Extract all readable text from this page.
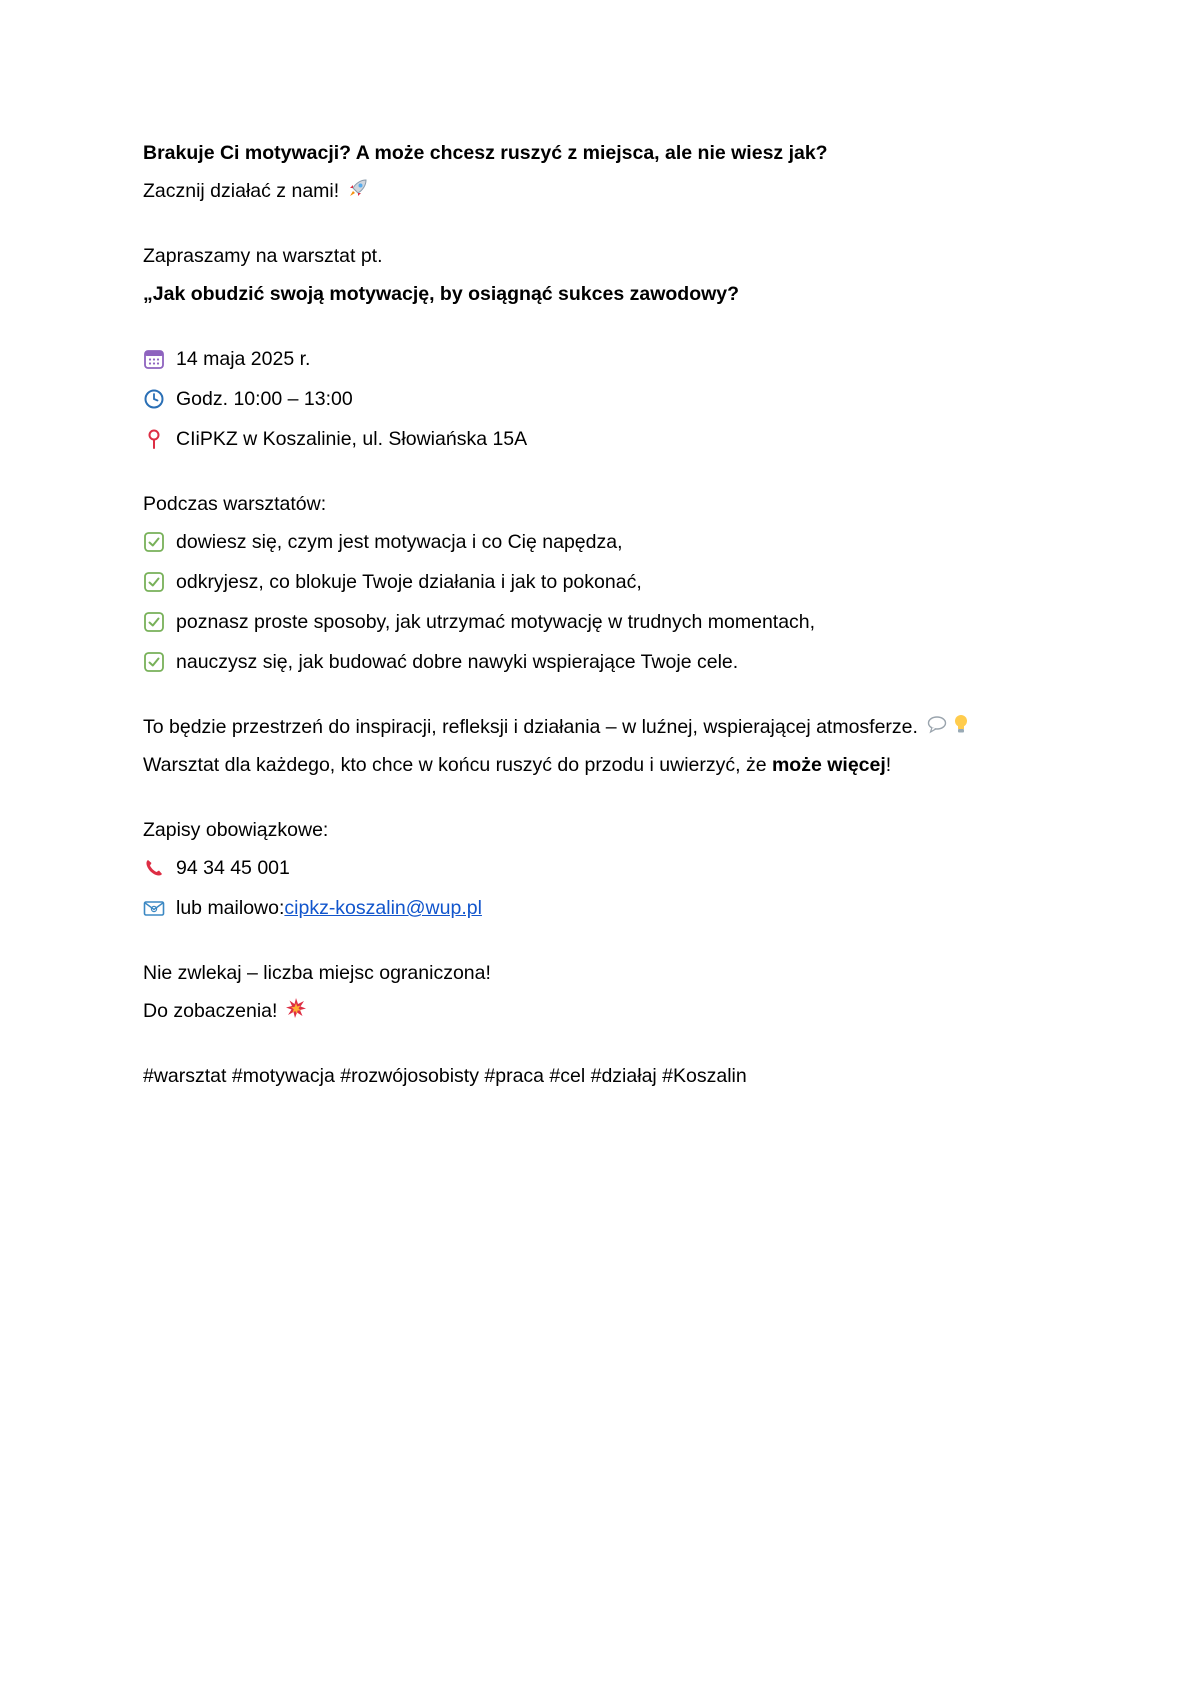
Brakuje Ci motywacji? A może chcesz ruszyć z miejsca, ale nie wiesz jak?
Zacznij działać z nami!
Zapraszamy na warsztat pt.
„Jak obudzić swoją motywację, by osiągnąć sukces zawodowy?
14 maja 2025 r.
Godz. 10:00 – 13:00
CIiPKZ w Koszalinie, ul. Słowiańska 15A
Podczas warsztatów:
dowiesz się, czym jest motywacja i co Cię napędza,
odkryjesz, co blokuje Twoje działania i jak to pokonać,
poznasz proste sposoby, jak utrzymać motywację w trudnych momentach,
nauczysz się, jak budować dobre nawyki wspierające Twoje cele.
To będzie przestrzeń do inspiracji, refleksji i działania – w luźnej, wspierającej atmosferze.
Warsztat dla każdego, kto chce w końcu ruszyć do przodu i uwierzyć, że może więcej!
Zapisy obowiązkowe:
94 34 45 001
lub mailowo: cipkz-koszalin@wup.pl
Nie zwlekaj – liczba miejsc ograniczona!
Do zobaczenia!
#warsztat #motywacja #rozwójosobisty #praca #cel #działaj #Koszalin
